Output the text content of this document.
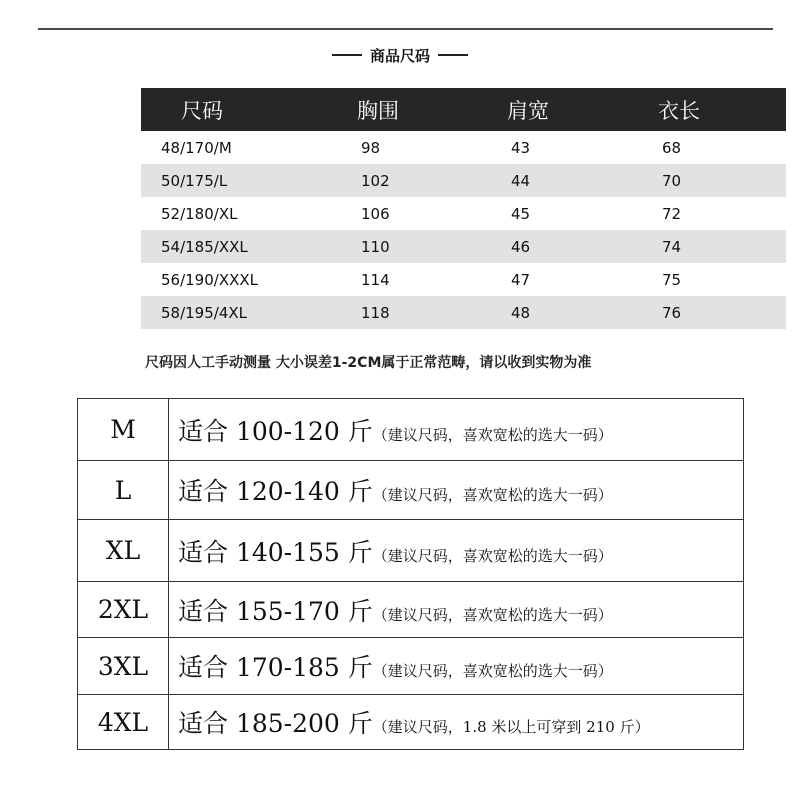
商品尺码
尺码	胸围	肩宽	衣长
48/170/M	98	43	68
50/175/L	102	44	70
52/180/XL	106	45	72
54/185/XXL	110	46	74
56/190/XXXL	114	47	75
58/195/4XL	118	48	76
尺码因人工手动测量 大小误差1-2CM属于正常范畴，请以收到实物为准
M	适合 100-120 斤（建议尺码，喜欢宽松的选大一码）
L	适合 120-140 斤（建议尺码，喜欢宽松的选大一码）
XL	适合 140-155 斤（建议尺码，喜欢宽松的选大一码）
2XL	适合 155-170 斤（建议尺码，喜欢宽松的选大一码）
3XL	适合 170-185 斤（建议尺码，喜欢宽松的选大一码）
4XL	适合 185-200 斤（建议尺码，1.8 米以上可穿到 210 斤）
